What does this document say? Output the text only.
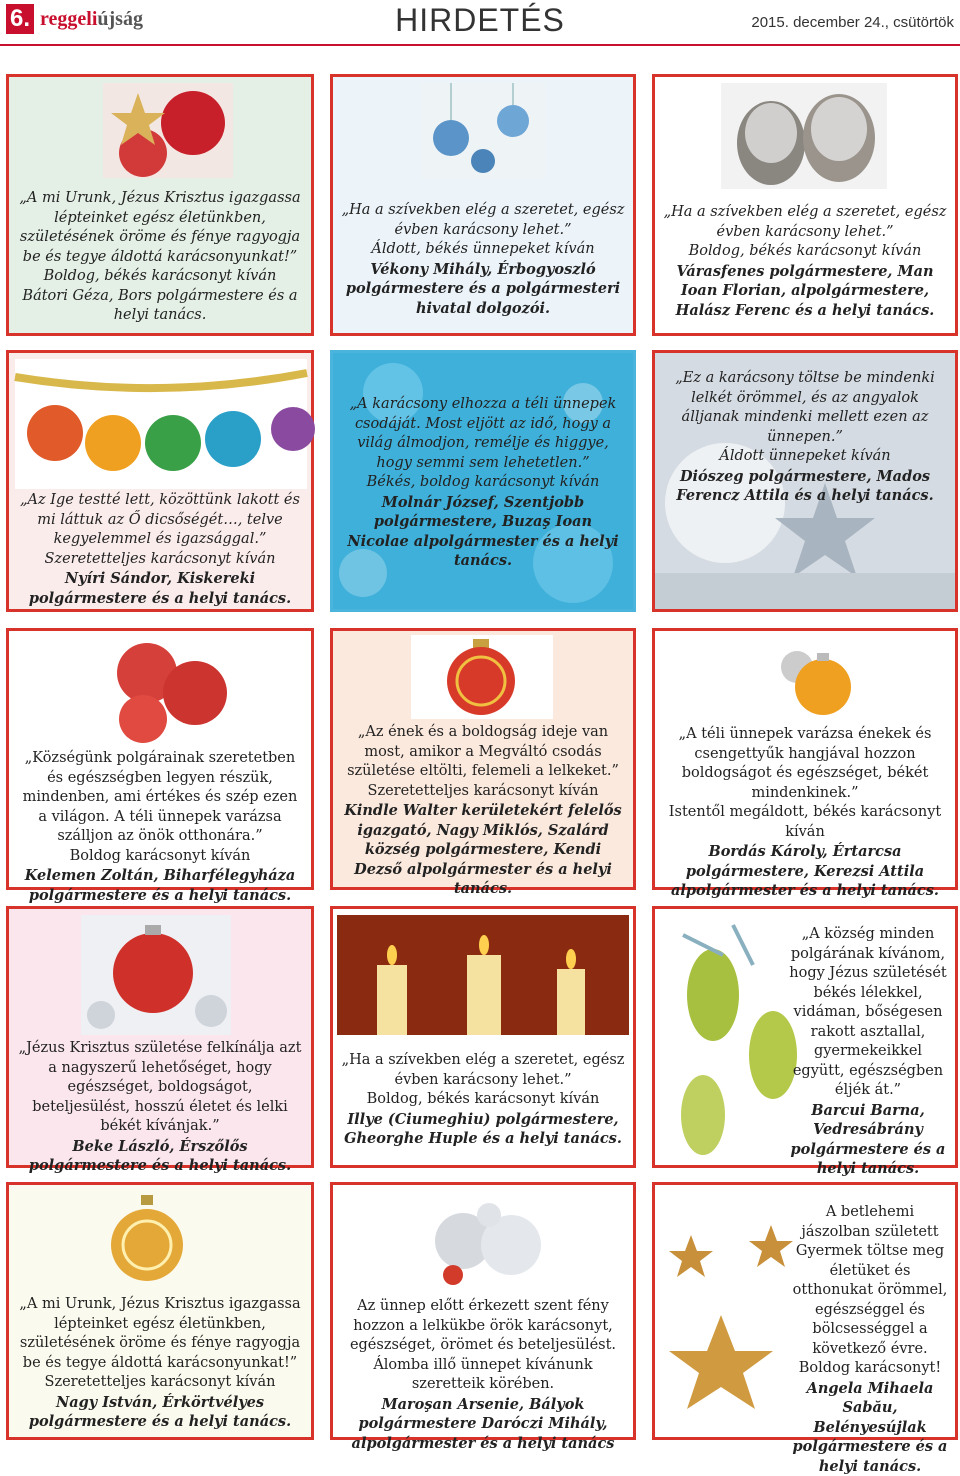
6. reggeliújság	HIRDETÉS	2015. december 24., csütörtök
„A mi Urunk, Jézus Krisztus igazgassa lépteinket egész életünkben, születésének öröme és fénye ragyogja be és tegye áldottá karácsonyunkat!”
Boldog, békés karácsonyt kíván
Bátori Géza, Bors polgármestere és a helyi tanács.
„Ha a szívekben elég a szeretet, egész évben karácsony lehet.”
Áldott, békés ünnepeket kíván
Vékony Mihály, Érbogyoszló polgármestere és a polgármesteri hivatal dolgozói.
„Ha a szívekben elég a szeretet, egész évben karácsony lehet.”
Boldog, békés karácsonyt kíván
Várasfenes polgármestere, Man Ioan Florian, alpolgármestere, Halász Ferenc és a helyi tanács.
„Az Ige testté lett, közöttünk lakott és mi láttuk az Ő dicsőségét…, telve kegyelemmel és igazsággal.”
Szeretetteljes karácsonyt kíván
Nyíri Sándor, Kiskereki polgármestere és a helyi tanács.
„A karácsony elhozza a téli ünnepek csodáját. Most eljött az idő, hogy a világ álmodjon, remélje és higgye, hogy semmi sem lehetetlen.”
Békés, boldog karácsonyt kíván
Molnár József, Szentjobb polgármestere, Buzaş Ioan Nicolae alpolgármester és a helyi tanács.
„Ez a karácsony töltse be mindenki lelkét örömmel, és az angyalok álljanak mindenki mellett ezen az ünnepen.”
Áldott ünnepeket kíván
Diószeg polgármestere, Mados Ferencz Attila és a helyi tanács.
„Községünk polgárainak szeretetben és egészségben legyen részük, mindenben, ami értékes és szép ezen a világon. A téli ünnepek varázsa szálljon az önök otthonára.”
Boldog karácsonyt kíván
Kelemen Zoltán, Biharfélegyháza polgármestere és a helyi tanács.
„Az ének és a boldogság ideje van most, amikor a Megváltó csodás születése eltölti, felemeli a lelkeket.”
Szeretetteljes karácsonyt kíván
Kindle Walter kerületekért felelős igazgató, Nagy Miklós, Szalárd község polgármestere, Kendi Dezső alpolgármester és a helyi tanács.
„A téli ünnepek varázsa énekek és csengettyűk hangjával hozzon boldogságot és egészséget, békét mindenkinek.”
Istentől megáldott, békés karácsonyt kíván
Bordás Károly, Értarcsa polgármestere, Kerezsi Attila alpolgármester és a helyi tanács.
„Jézus Krisztus születése felkínálja azt a nagyszerű lehetőséget, hogy egészséget, boldogságot, beteljesülést, hosszú életet és lelki békét kívánjak.”
Beke László, Érszőlős polgármestere és a helyi tanács.
„Ha a szívekben elég a szeretet, egész évben karácsony lehet.”
Boldog, békés karácsonyt kíván
Illye (Ciumeghiu) polgármestere, Gheorghe Huple és a helyi tanács.
„A község minden polgárának kívánom, hogy Jézus születését békés lélekkel, vidáman, bőségesen rakott asztallal, gyermekeikkel együtt, egészségben éljék át.”
Barcui Barna, Vedresábrány polgármestere és a helyi tanács.
„A mi Urunk, Jézus Krisztus igazgassa lépteinket egész életünkben, születésének öröme és fénye ragyogja be és tegye áldottá karácsonyunkat!”
Szeretetteljes karácsonyt kíván
Nagy István, Érkörtvélyes polgármestere és a helyi tanács.
Az ünnep előtt érkezett szent fény hozzon a lelkükbe örök karácsonyt, egészséget, örömet és beteljesülést. Álomba illő ünnepet kívánunk szeretteik körében.
Maroşan Arsenie, Bályok polgármestere Daróczi Mihály, alpolgármester és a helyi tanács
A betlehemi jászolban született Gyermek töltse meg életüket és otthonukat örömmel, egészséggel és bölcsességgel a következő évre.
Boldog karácsonyt!
Angela Mihaela Sabău, Belényesújlak polgármestere és a helyi tanács.
